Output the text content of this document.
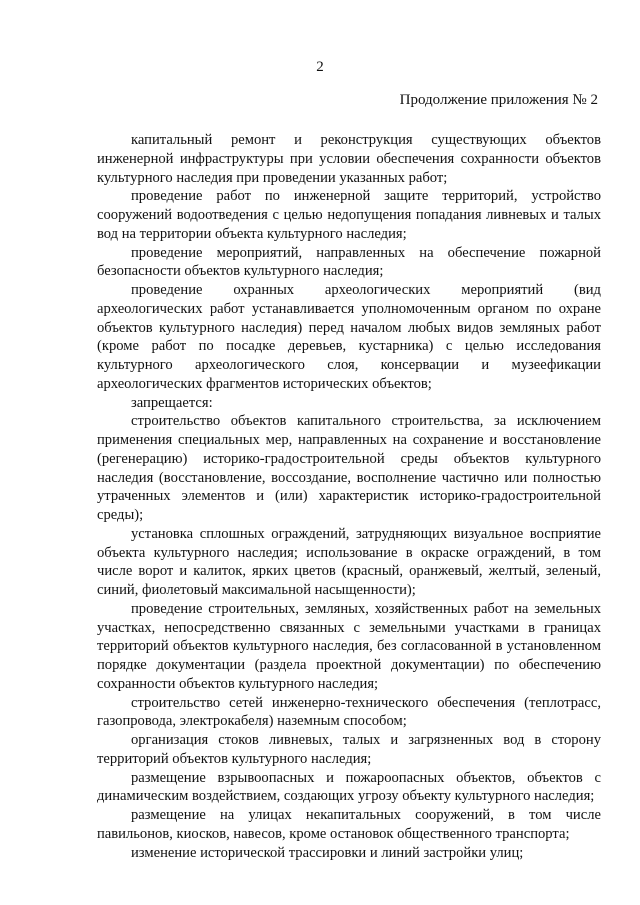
2
Продолжение приложения № 2

капитальный ремонт и реконструкция существующих объектов инженерной инфраструктуры при условии обеспечения сохранности объектов культурного наследия при проведении указанных работ;

проведение работ по инженерной защите территорий, устройство сооружений водоотведения с целью недопущения попадания ливневых и талых вод на территории объекта культурного наследия;

проведение мероприятий, направленных на обеспечение пожарной безопасности объектов культурного наследия;

проведение охранных археологических мероприятий (вид археологических работ устанавливается уполномоченным органом по охране объектов культурного наследия) перед началом любых видов земляных работ (кроме работ по посадке деревьев, кустарника) с целью исследования культурного археологического слоя, консервации и музеефикации археологических фрагментов исторических объектов;

запрещается:

строительство объектов капитального строительства, за исключением применения специальных мер, направленных на сохранение и восстановление (регенерацию) историко-градостроительной среды объектов культурного наследия (восстановление, воссоздание, восполнение частично или полностью утраченных элементов и (или) характеристик историко-градостроительной среды);

установка сплошных ограждений, затрудняющих визуальное восприятие объекта культурного наследия; использование в окраске ограждений, в том числе ворот и калиток, ярких цветов (красный, оранжевый, желтый, зеленый, синий, фиолетовый максимальной насыщенности);

проведение строительных, земляных, хозяйственных работ на земельных участках, непосредственно связанных с земельными участками в границах территорий объектов культурного наследия, без согласованной в установленном порядке документации (раздела проектной документации) по обеспечению сохранности объектов культурного наследия;

строительство сетей инженерно-технического обеспечения (теплотрасс, газопровода, электрокабеля) наземным способом;

организация стоков ливневых, талых и загрязненных вод в сторону территорий объектов культурного наследия;

размещение взрывоопасных и пожароопасных объектов, объектов с динамическим воздействием, создающих угрозу объекту культурного наследия;

размещение на улицах некапитальных сооружений, в том числе павильонов, киосков, навесов, кроме остановок общественного транспорта;

изменение исторической трассировки и линий застройки улиц;
